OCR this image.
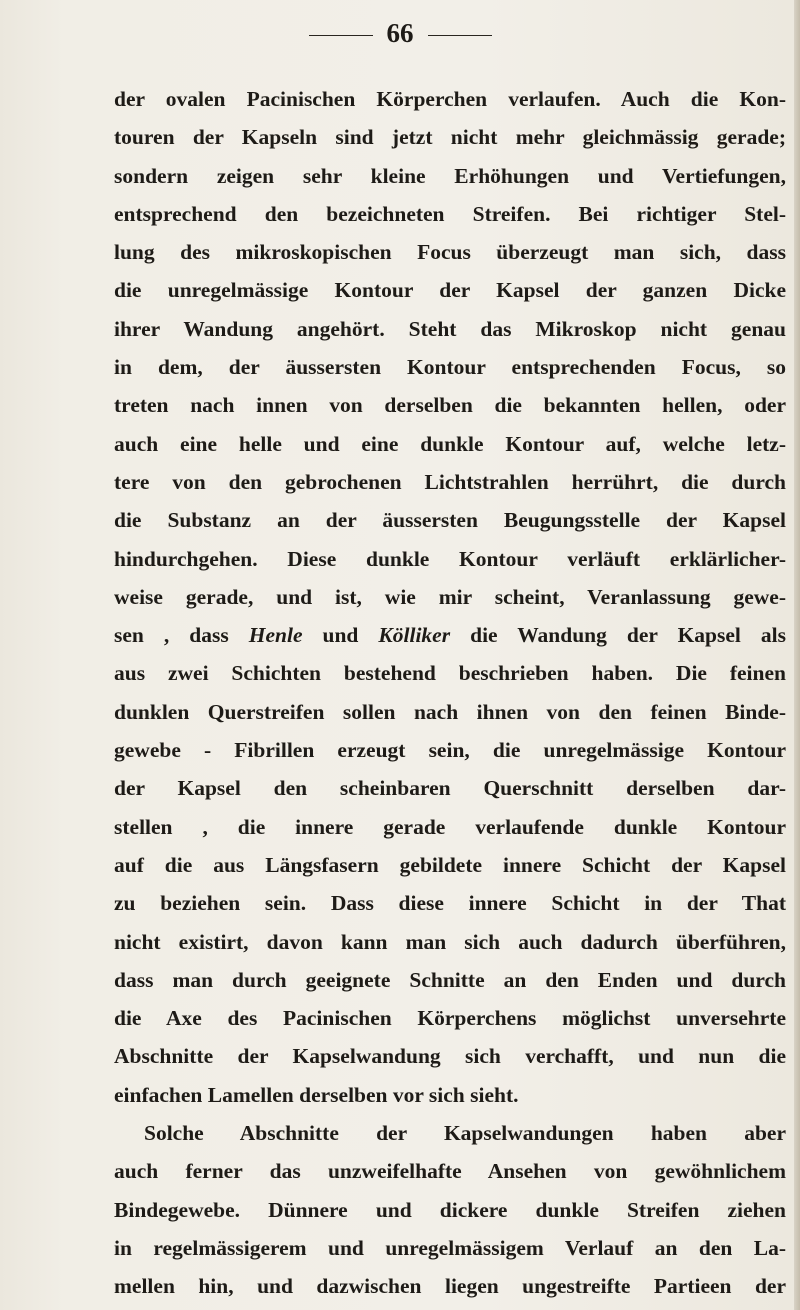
66
der ovalen Pacinischen Körperchen verlaufen. Auch die Kon-
touren der Kapseln sind jetzt nicht mehr gleichmässig gerade;
sondern zeigen sehr kleine Erhöhungen und Vertiefungen,
entsprechend den bezeichneten Streifen. Bei richtiger Stel-
lung des mikroskopischen Focus überzeugt man sich, dass
die unregelmässige Kontour der Kapsel der ganzen Dicke
ihrer Wandung angehört. Steht das Mikroskop nicht genau
in dem, der äussersten Kontour entsprechenden Focus, so
treten nach innen von derselben die bekannten hellen, oder
auch eine helle und eine dunkle Kontour auf, welche letz-
tere von den gebrochenen Lichtstrahlen herrührt, die durch
die Substanz an der äussersten Beugungsstelle der Kapsel
hindurchgehen. Diese dunkle Kontour verläuft erklärlicher-
weise gerade, und ist, wie mir scheint, Veranlassung gewe-
sen , dass Henle und Kölliker die Wandung der Kapsel als
aus zwei Schichten bestehend beschrieben haben. Die feinen
dunklen Querstreifen sollen nach ihnen von den feinen Binde-
gewebe - Fibrillen erzeugt sein, die unregelmässige Kontour
der Kapsel den scheinbaren Querschnitt derselben dar-
stellen , die innere gerade verlaufende dunkle Kontour
auf die aus Längsfasern gebildete innere Schicht der Kapsel
zu beziehen sein. Dass diese innere Schicht in der That
nicht existirt, davon kann man sich auch dadurch überführen,
dass man durch geeignete Schnitte an den Enden und durch
die Axe des Pacinischen Körperchens möglichst unversehrte
Abschnitte der Kapselwandung sich verchafft, und nun die
einfachen Lamellen derselben vor sich sieht.
Solche Abschnitte der Kapselwandungen haben aber
auch ferner das unzweifelhafte Ansehen von gewöhnlichem
Bindegewebe. Dünnere und dickere dunkle Streifen ziehen
in regelmässigerem und unregelmässigem Verlauf an den La-
mellen hin, und dazwischen liegen ungestreifte Partieen der
